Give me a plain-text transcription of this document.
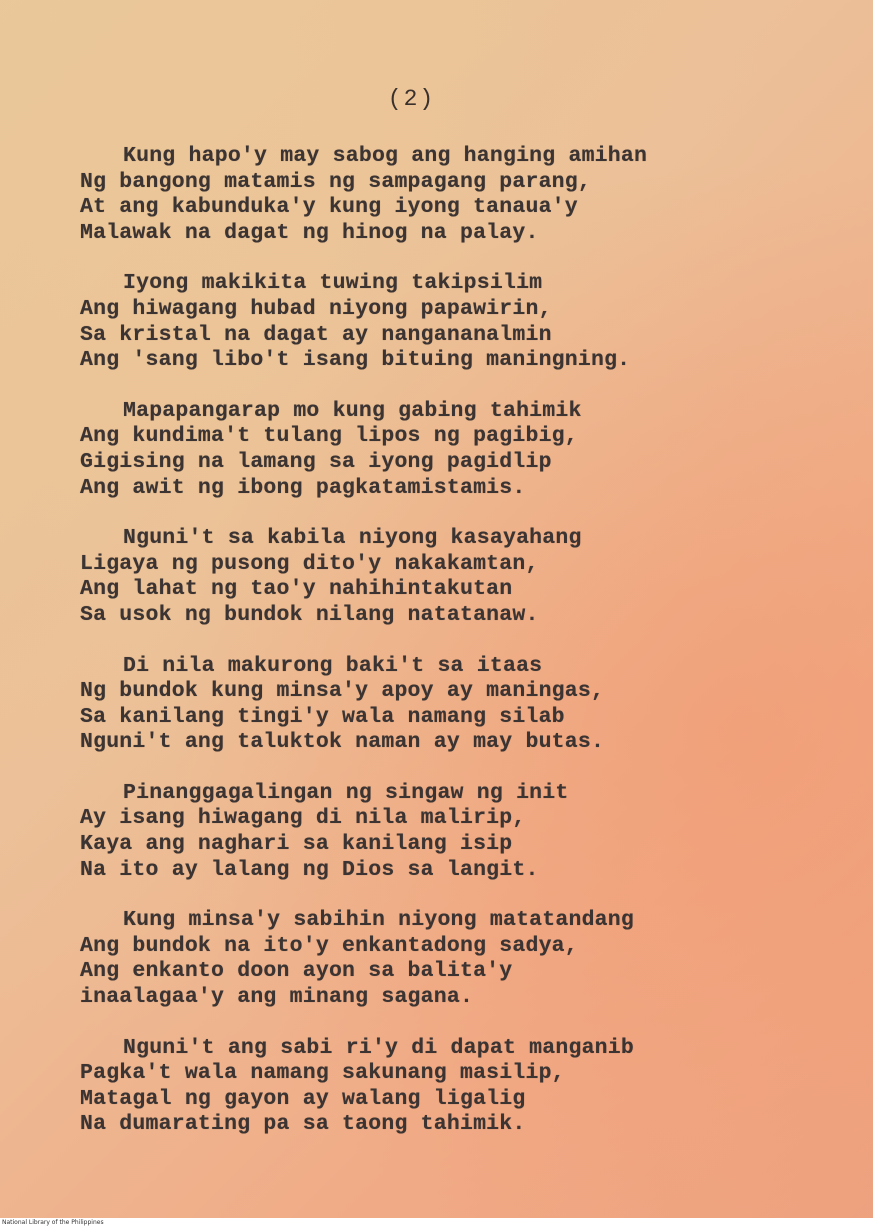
(2)
Kung hapo'y may sabog ang hanging amihan
Ng bangong matamis ng sampagang parang,
At ang kabunduka'y kung iyong tanaua'y
Malawak na dagat ng hinog na palay.
Iyong makikita tuwing takipsilim
Ang hiwagang hubad niyong papawirin,
Sa kristal na dagat ay nangananalmin
Ang 'sang libo't isang bituing maningning.
Mapapangarap mo kung gabing tahimik
Ang kundima't tulang lipos ng pagibig,
Gigising na lamang sa iyong pagidlip
Ang awit ng ibong pagkatamistamis.
Nguni't sa kabila niyong kasayahang
Ligaya ng pusong dito'y nakakamtan,
Ang lahat ng tao'y nahihintakutan
Sa usok ng bundok nilang natatanaw.
Di nila makurong baki't sa itaas
Ng bundok kung minsa'y apoy ay maningas,
Sa kanilang tingi'y wala namang silab
Nguni't ang taluktok naman ay may butas.
Pinanggagalingan ng singaw ng init
Ay isang hiwagang di nila malirip,
Kaya ang naghari sa kanilang isip
Na ito ay lalang ng Dios sa langit.
Kung minsa'y sabihin niyong matatandang
Ang bundok na ito'y enkantadong sadya,
Ang enkanto doon ayon sa balita'y
inaalagaa'y ang minang sagana.
Nguni't ang sabi ri'y di dapat manganib
Pagka't wala namang sakunang masilip,
Matagal ng gayon ay walang ligalig
Na dumarating pa sa taong tahimik.
National Library of the Philippines
